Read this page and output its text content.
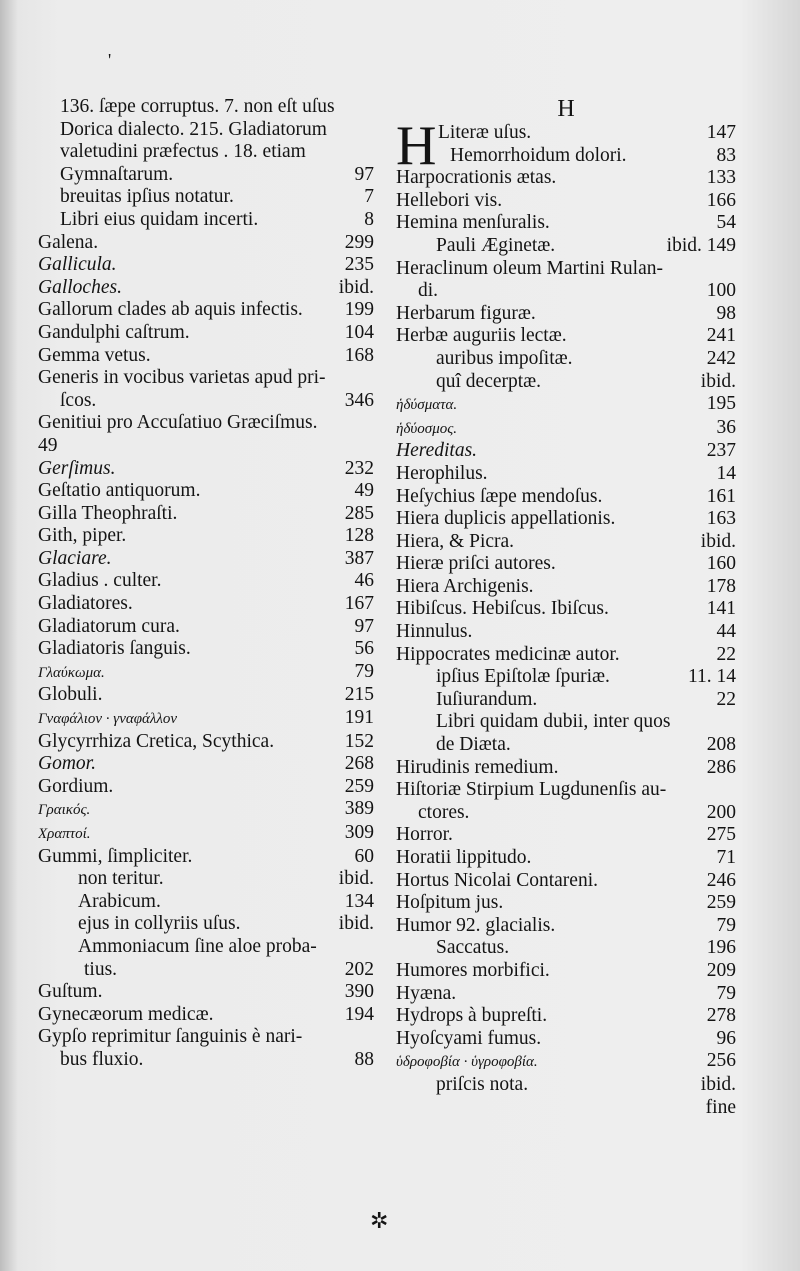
'
136. ſæpe corruptus. 7. non eſt uſus
Dorica dialecto. 215. Gladiatorum
valetudini præfectus . 18. etiam
Gymnaſtarum.	97
breuitas ipſius notatur.	7
Libri eius quidam incerti.	8
Galena.	299
Gallicula.	235
Galloches.	ibid.
Gallorum clades ab aquis infectis. 199
Gandulphi caſtrum.	104
Gemma vetus.	168
Generis in vocibus varietas apud pri-
ſcos.	346
Genitiui pro Accuſatiuo Græciſmus.
49
Gerſimus.	232
Geſtatio antiquorum.	49
Gilla Theophraſti.	285
Gith, piper.	128
Glaciare.	387
Gladius . culter.	46
Gladiatores.	167
Gladiatorum cura.	97
Gladiatoris ſanguis.	56
Γλαύκωμα.	79
Globuli.	215
Γναφάλιον · γναφάλλον	191
Glycyrrhiza Cretica, Scythica.	152
Gomor.	268
Gordium.	259
Γραικός.	389
Χραπτοί.	309
Gummi, ſimpliciter.	60
non teritur.	ibid.
Arabicum.	134
ejus in collyriis uſus.	ibid.
Ammoniacum ſine aloe proba-
tius.	202
Guſtum.	390
Gynecæorum medicæ.	194
Gypſo reprimitur ſanguinis è nari-
bus fluxio.	88
H
H Literæ uſus.	147
Hemorrhoidum dolori.	83
Harpocrationis ætas.	133
Hellebori vis.	166
Hemina menſuralis.	54
Pauli Æginetæ.	ibid. 149
Heraclinum oleum Martini Rulan-
di.	100
Herbarum figuræ.	98
Herbæ auguriis lectæ.	241
auribus impoſitæ.	242
quî decerptæ.	ibid.
ἡδύσματα.	195
ἡδύοσμος.	36
Hereditas.	237
Herophilus.	14
Heſychius ſæpe mendoſus.	161
Hiera duplicis appellationis.	163
Hiera, & Picra.	ibid.
Hieræ priſci autores.	160
Hiera Archigenis.	178
Hibiſcus. Hebiſcus. Ibiſcus.	141
Hinnulus.	44
Hippocrates medicinæ autor.	22
ipſius Epiſtolæ ſpuriæ.	11. 14
Iuſiurandum.	22
Libri quidam dubii, inter quos
de Diæta.	208
Hirudinis remedium.	286
Hiſtoriæ Stirpium Lugdunenſis au-
ctores.	200
Horror.	275
Horatii lippitudo.	71
Hortus Nicolai Contareni.	246
Hoſpitum jus.	259
Humor 92. glacialis.	79
Saccatus.	196
Humores morbifici.	209
Hyæna.	79
Hydrops à bupreſti.	278
Hyoſcyami fumus.	96
ὑδροφοβία · ὑγροφοβία.	256
priſcis nota.	ibid.
fine
✲
